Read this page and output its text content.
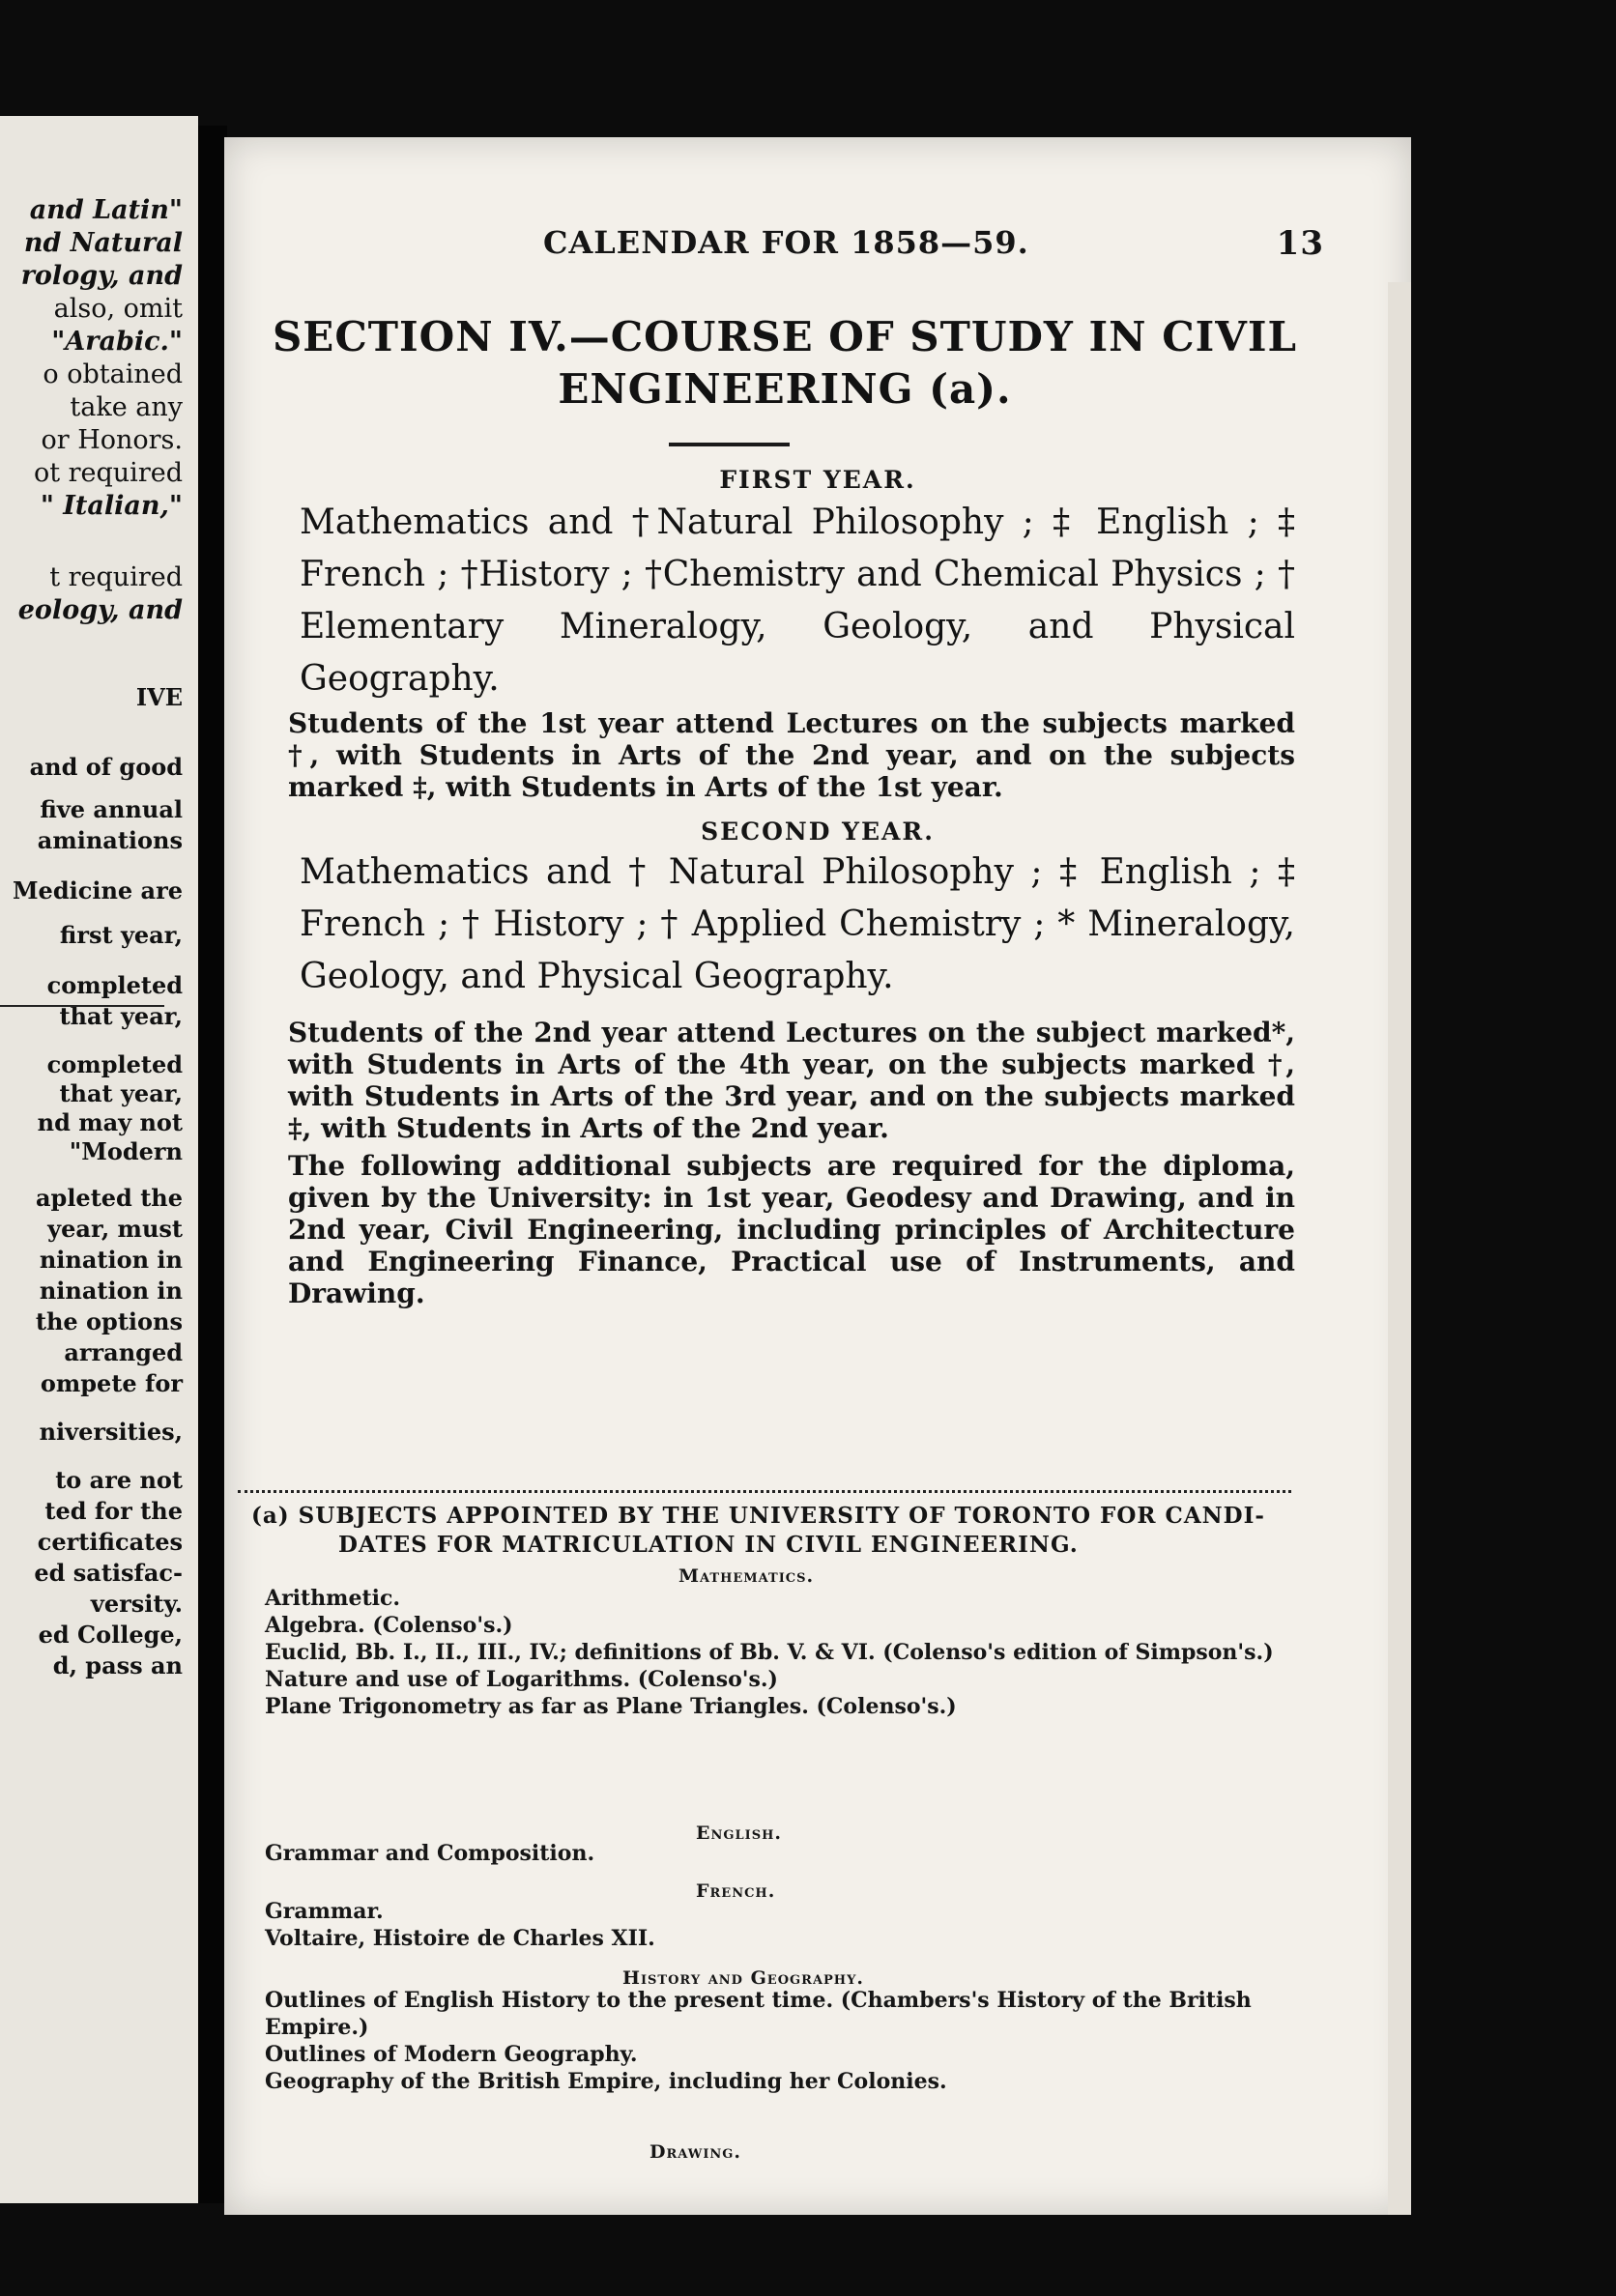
and Latin"
nd Natural
rology, and
also, omit
"Arabic."
o obtained
take any
or Honors.
ot required
" Italian,"
t required
eology, and
IVE
and of good
five annual
aminations
Medicine are
first year,
completed
that year,
completed
that year,
nd may not
"Modern
apleted the
year, must
nination in
nination in
the options
arranged
ompete for
niversities,
to are not
ted for the
certificates
ed satisfac-
versity.
ed College,
d, pass an
CALENDAR FOR 1858—59.	13
SECTION IV.—COURSE OF STUDY IN CIVIL
ENGINEERING (a).
FIRST YEAR.
Mathematics and †Natural Philosophy ; ‡ English ; ‡ French ; †History ; †Chemistry and Chemical Physics ; † Elementary Mineralogy, Geology, and Physical Geography.
Students of the 1st year attend Lectures on the subjects marked †, with Students in Arts of the 2nd year, and on the subjects marked ‡, with Students in Arts of the 1st year.
SECOND YEAR.
Mathematics and † Natural Philosophy ; ‡ English ; ‡ French ; † History ; † Applied Chemistry ; * Mineralogy, Geology, and Physical Geography.
Students of the 2nd year attend Lectures on the subject marked*, with Students in Arts of the 4th year, on the subjects marked †, with Students in Arts of the 3rd year, and on the subjects marked ‡, with Students in Arts of the 2nd year.
The following additional subjects are required for the diploma, given by the University: in 1st year, Geodesy and Drawing, and in 2nd year, Civil Engineering, including principles of Architecture and Engineering Finance, Practical use of Instruments, and Drawing.
(a) SUBJECTS APPOINTED BY THE UNIVERSITY OF TORONTO FOR CANDI-
DATES FOR MATRICULATION IN CIVIL ENGINEERING.
Mathematics.
Arithmetic.
Algebra. (Colenso's.)
Euclid, Bb. I., II., III., IV.; definitions of Bb. V. & VI. (Colenso's edition of Simpson's.)
Nature and use of Logarithms. (Colenso's.)
Plane Trigonometry as far as Plane Triangles. (Colenso's.)
English.
Grammar and Composition.
French.
Grammar.
Voltaire, Histoire de Charles XII.
History and Geography.
Outlines of English History to the present time. (Chambers's History of the British Empire.)
Outlines of Modern Geography.
Geography of the British Empire, including her Colonies.
Drawing.
